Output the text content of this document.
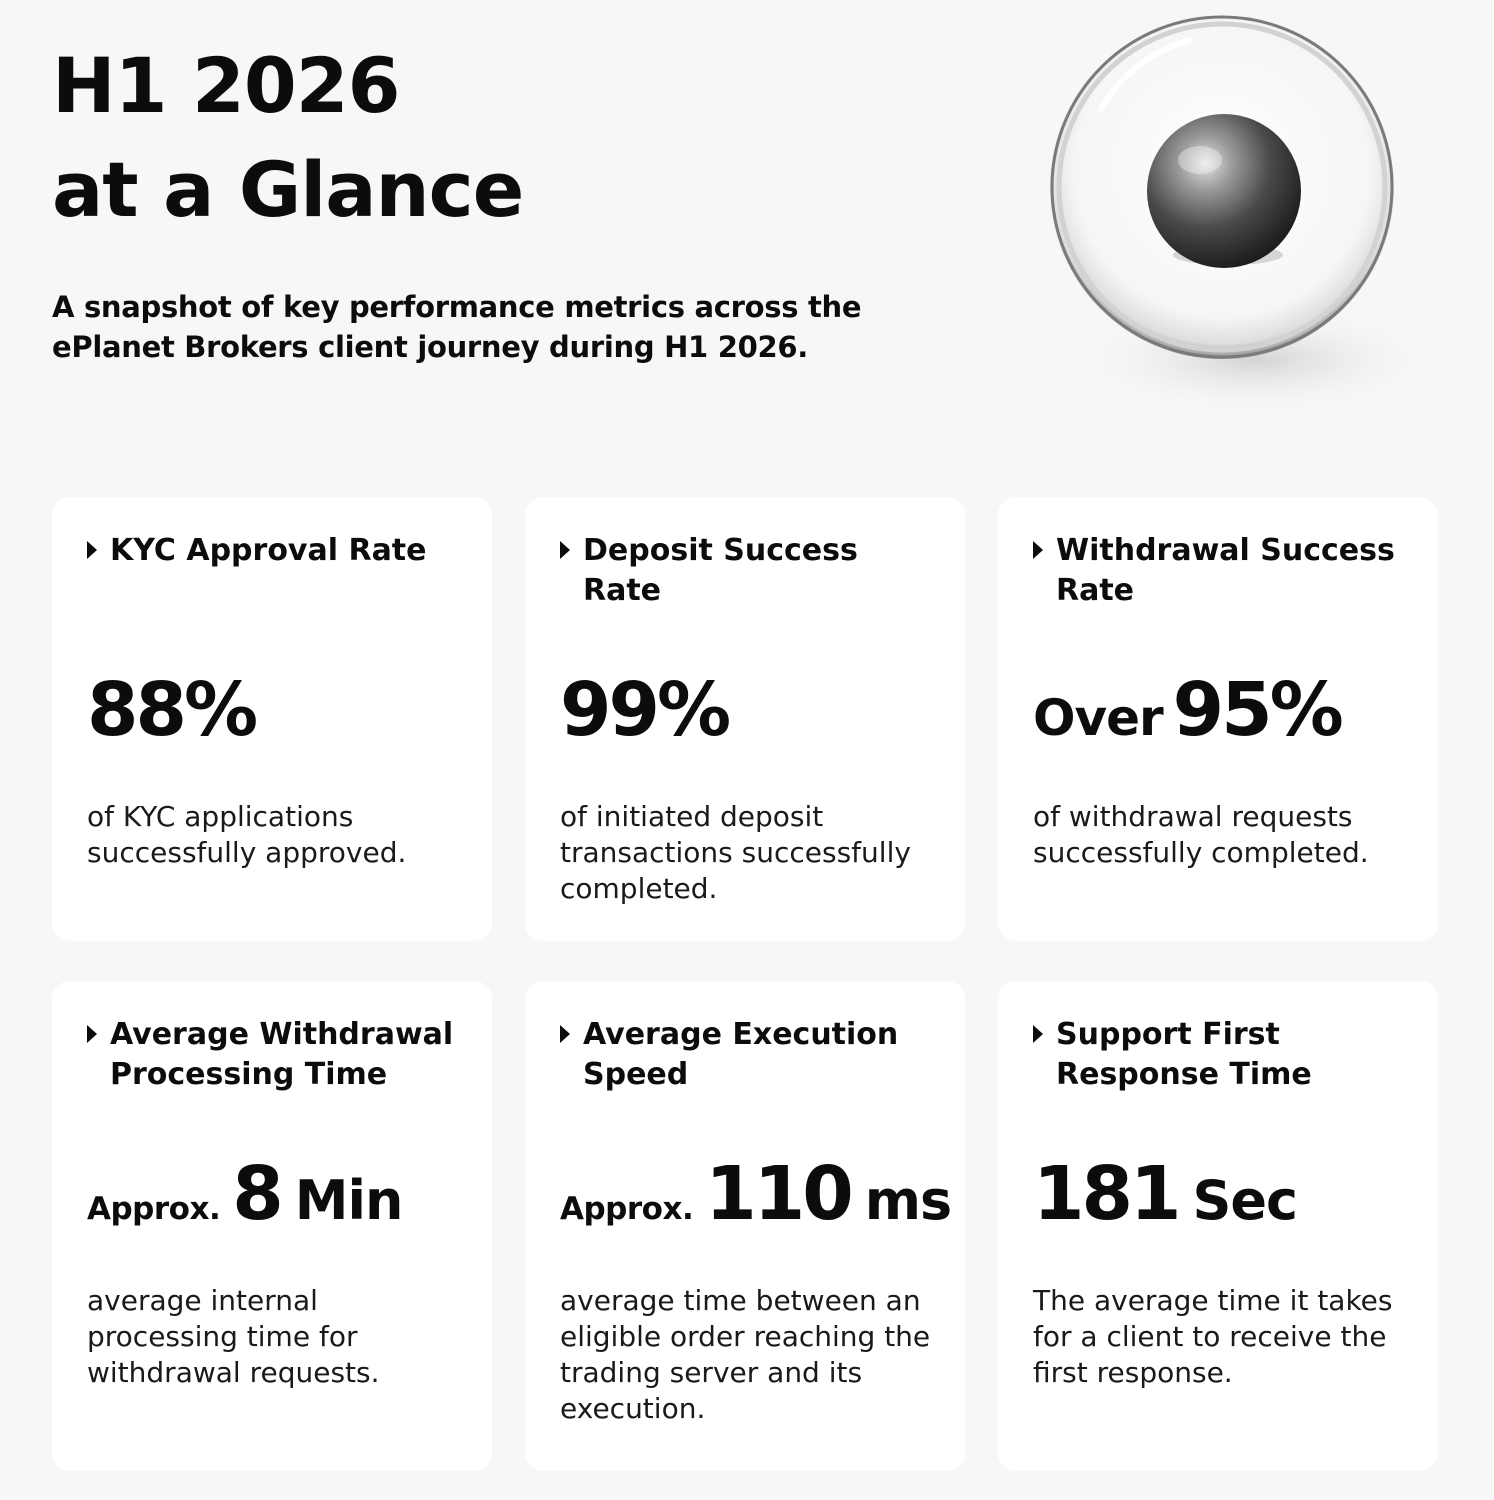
H1 2026
at a Glance

A snapshot of key performance metrics across the ePlanet Brokers client journey during H1 2026.

KYC Approval Rate
88%

of KYC applications successfully approved.

Deposit Success Rate
99%

of initiated deposit transactions successfully completed.

Withdrawal Success Rate
Over 95%

of withdrawal requests successfully completed.

Average Withdrawal Processing Time
Approx. 8 Min

average internal processing time for withdrawal requests.

Average Execution Speed
Approx. 110 ms

average time between an eligible order reaching the trading server and its execution.

Support First Response Time
181 Sec

The average time it takes for a client to receive the first response.
